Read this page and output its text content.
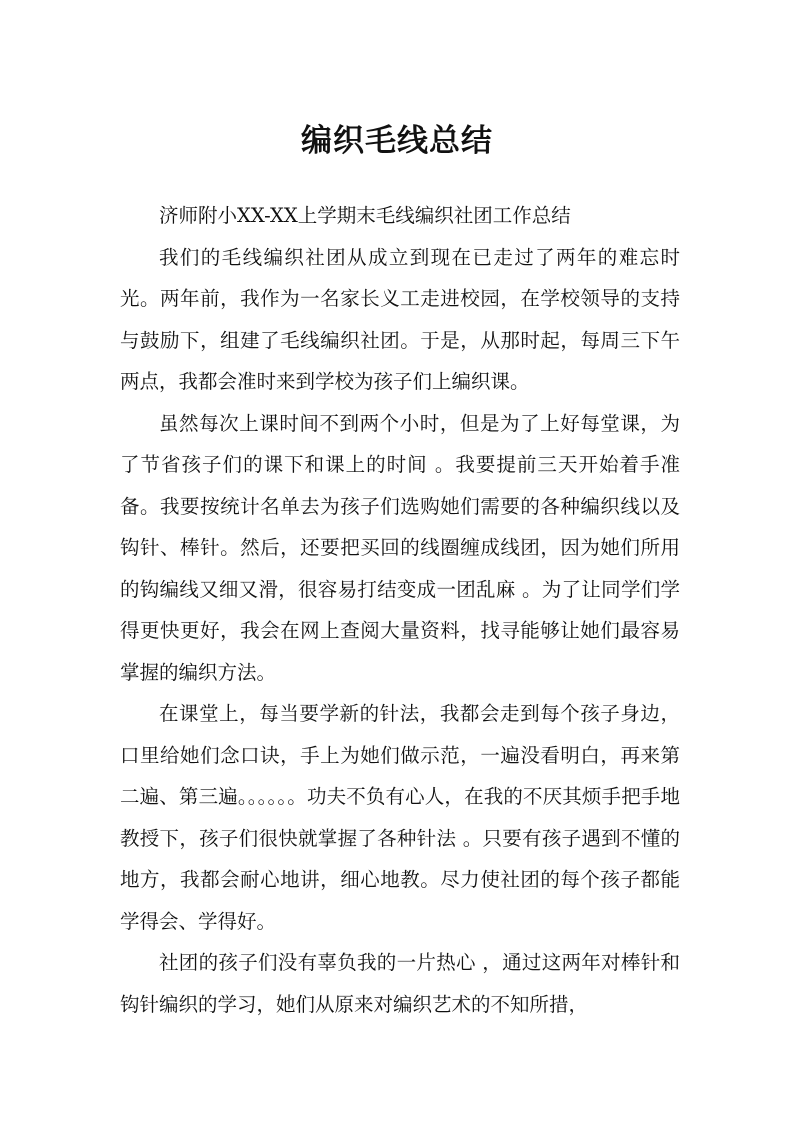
编织毛线总结

济师附小XX-XX上学期末毛线编织社团工作总结

我们的毛线编织社团从成立到现在已走过了两年的难忘时光。两年前，我作为一名家长义工走进校园，在学校领导的支持与鼓励下，组建了毛线编织社团。于是，从那时起，每周三下午两点，我都会准时来到学校为孩子们上编织课。

虽然每次上课时间不到两个小时，但是为了上好每堂课，为了节省孩子们的课下和课上的时间 。我要提前三天开始着手准备。我要按统计名单去为孩子们选购她们需要的各种编织线以及钩针、棒针。然后，还要把买回的线圈缠成线团，因为她们所用的钩编线又细又滑，很容易打结变成一团乱麻 。为了让同学们学得更快更好，我会在网上查阅大量资料，找寻能够让她们最容易掌握的编织方法。

在课堂上，每当要学新的针法，我都会走到每个孩子身边，口里给她们念口诀，手上为她们做示范，一遍没看明白，再来第二遍、第三遍。。。。。。功夫不负有心人，在我的不厌其烦手把手地教授下，孩子们很快就掌握了各种针法 。只要有孩子遇到不懂的地方，我都会耐心地讲，细心地教。尽力使社团的每个孩子都能学得会、学得好。

社团的孩子们没有辜负我的一片热心 ，通过这两年对棒针和钩针编织的学习，她们从原来对编织艺术的不知所措，
